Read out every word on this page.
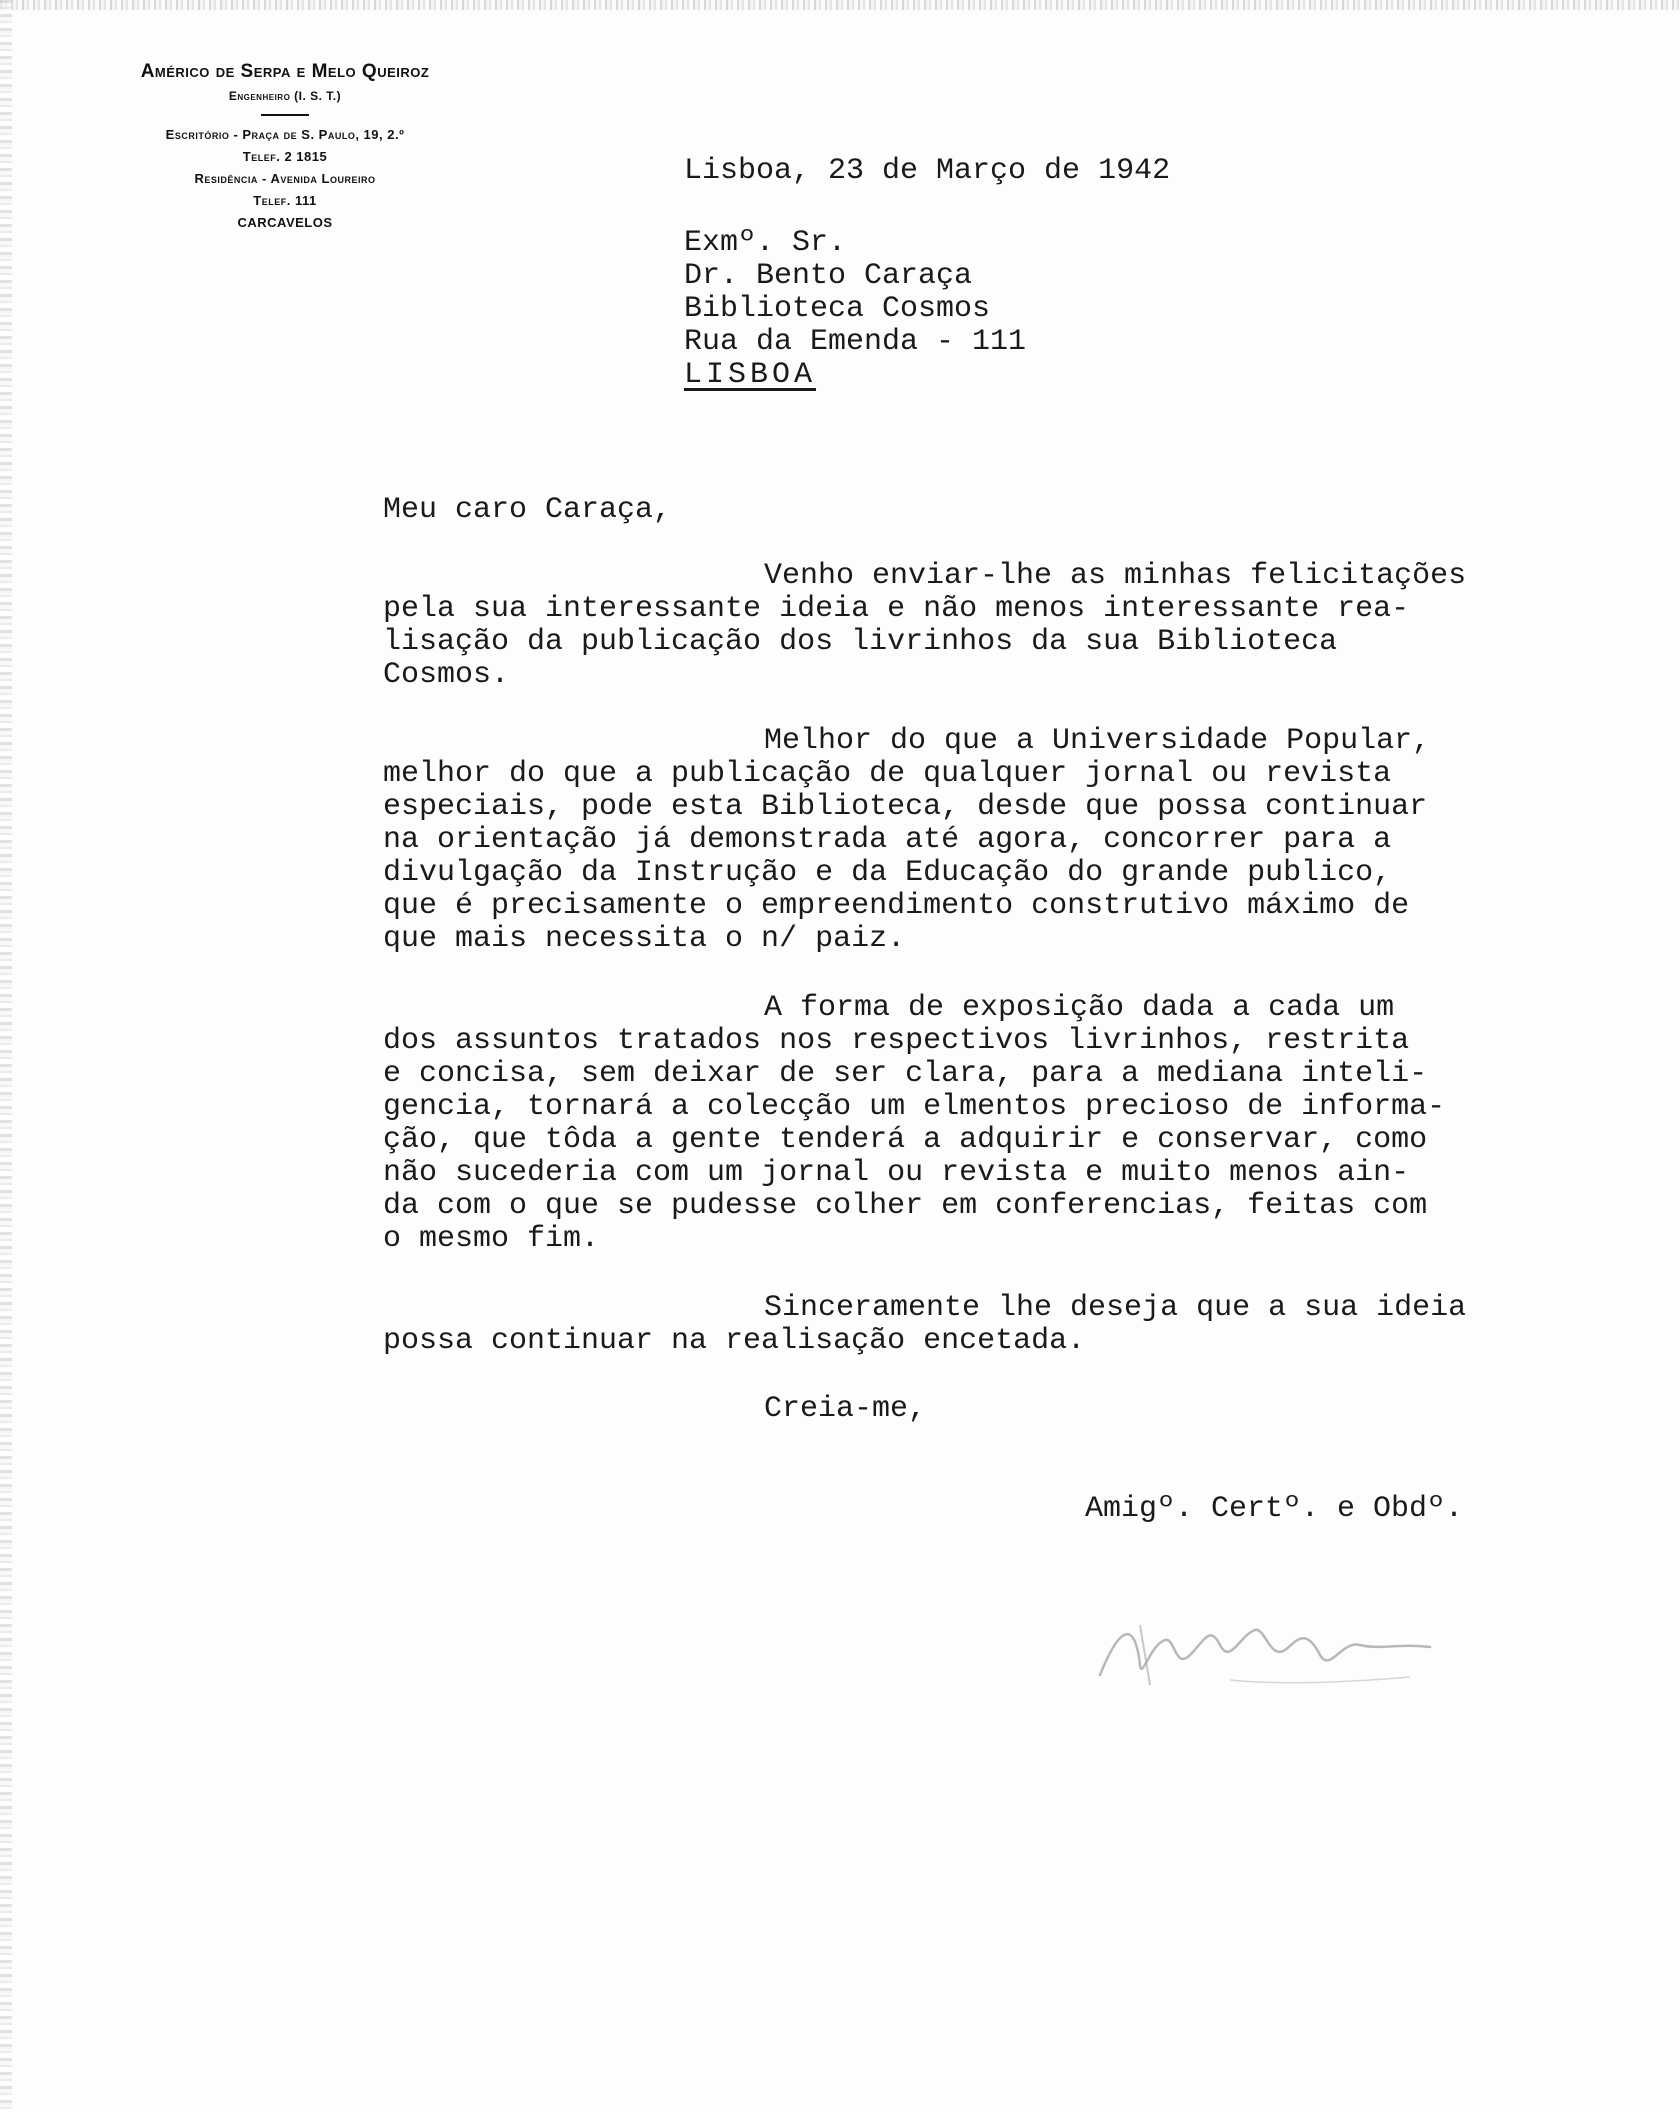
Américo de Serpa e Melo Queiroz
Engenheiro (I. S. T.)
Escritório - Praça de S. Paulo, 19, 2.º
Telef. 2 1815
Residência - Avenida Loureiro
Telef. 111
CARCAVELOS
Lisboa, 23 de Março de 1942
Exmº. Sr.
Dr. Bento Caraça
Biblioteca Cosmos
Rua da Emenda - 111
LISBOA
Meu caro Caraça,
Venho enviar-lhe as minhas felicitações
pela sua interessante ideia e não menos interessante rea-
lisação da publicação dos livrinhos da sua Biblioteca
Cosmos.
Melhor do que a Universidade Popular,
melhor do que a publicação de qualquer jornal ou revista
especiais, pode esta Biblioteca, desde que possa continuar
na orientação já demonstrada até agora, concorrer para a
divulgação da Instrução e da Educação do grande publico,
que é precisamente o empreendimento construtivo máximo de
que mais necessita o n/ paiz.
A forma de exposição dada a cada um
dos assuntos tratados nos respectivos livrinhos, restrita
e concisa, sem deixar de ser clara, para a mediana inteli-
gencia, tornará a colecção um elmentos precioso de informa-
ção, que tôda a gente tenderá a adquirir e conservar, como
não sucederia com um jornal ou revista e muito menos ain-
da com o que se pudesse colher em conferencias, feitas com
o mesmo fim.
Sinceramente lhe deseja que a sua ideia
possa continuar na realisação encetada.
Creia-me,
Amigº. Certº. e Obdº.
